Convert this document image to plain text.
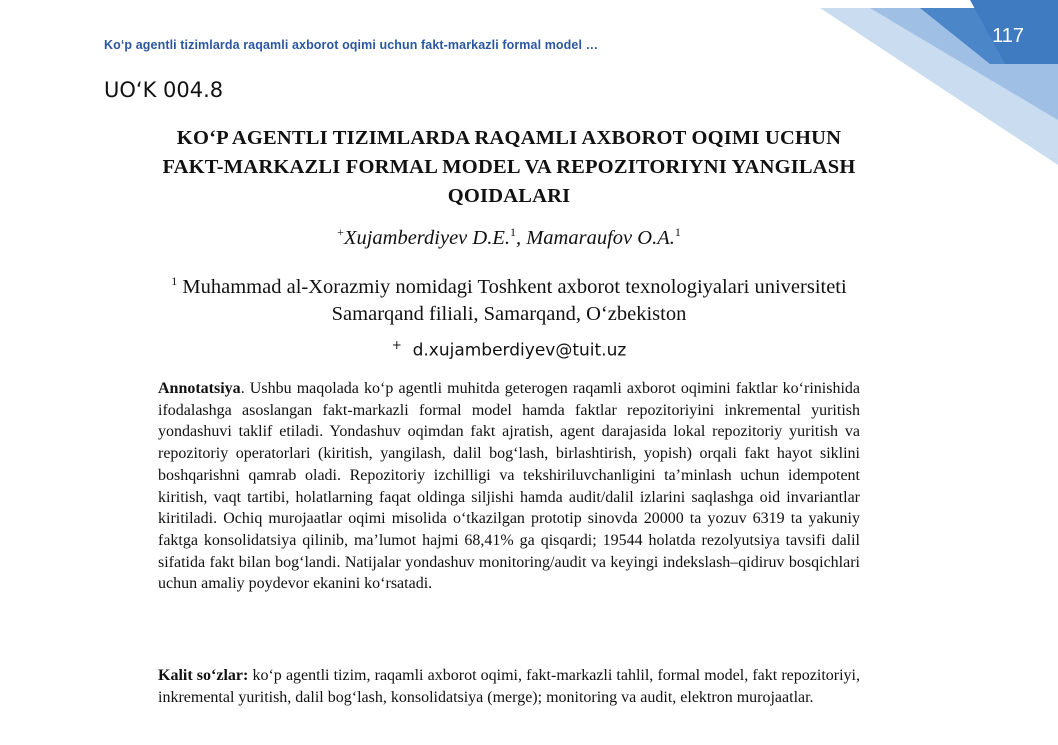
Ko‘p agentli tizimlarda raqamli axborot oqimi uchun fakt-markazli formal model …	117
UO‘K 004.8
KO‘P AGENTLI TIZIMLARDA RAQAMLI AXBOROT OQIMI UCHUN
FAKT-MARKAZLI FORMAL MODEL VA REPOZITORIYNI YANGILASH
QOIDALARI
+Xujamberdiyev D.E.$^1$, Mamaraufov O.A.$^1$
$^1$ Muhammad al-Xorazmiy nomidagi Toshkent axborot texnologiyalari universiteti
Samarqand filiali, Samarqand, O‘zbekiston
+ d.xujamberdiyev@tuit.uz
Annotatsiya. Ushbu maqolada ko‘p agentli muhitda geterogen raqamli axborot oqimini faktlar ko‘rinishida ifodalashga asoslangan fakt-markazli formal model hamda faktlar repozitoriyini inkremental yuritish yondashuvi taklif etiladi. Yondashuv oqimdan fakt ajratish, agent darajasida lokal repozitoriy yuritish va repozitoriy operatorlari (kiritish, yangilash, dalil bog‘lash, birlashtirish, yopish) orqali fakt hayot siklini boshqarishni qamrab oladi. Repozitoriy izchilligi va tekshiriluvchanligini ta’minlash uchun idempotent kiritish, vaqt tartibi, holatlarning faqat oldinga siljishi hamda audit/dalil izlarini saqlashga oid invariantlar kiritiladi. Ochiq murojaatlar oqimi misolida o‘tkazilgan prototip sinovda 20000 ta yozuv 6319 ta yakuniy faktga konsolidatsiya qilinib, ma’lumot hajmi 68,41% ga qisqardi; 19544 holatda rezolyutsiya tavsifi dalil sifatida fakt bilan bog‘landi. Natijalar yondashuv monitoring/audit va keyingi indekslash–qidiruv bosqichlari uchun amaliy poydevor ekanini ko‘rsatadi.
Kalit so‘zlar: ko‘p agentli tizim, raqamli axborot oqimi, fakt-markazli tahlil, formal model, fakt repozitoriyi, inkremental yuritish, dalil bog‘lash, konsolidatsiya (merge); monitoring va audit, elektron murojaatlar.
